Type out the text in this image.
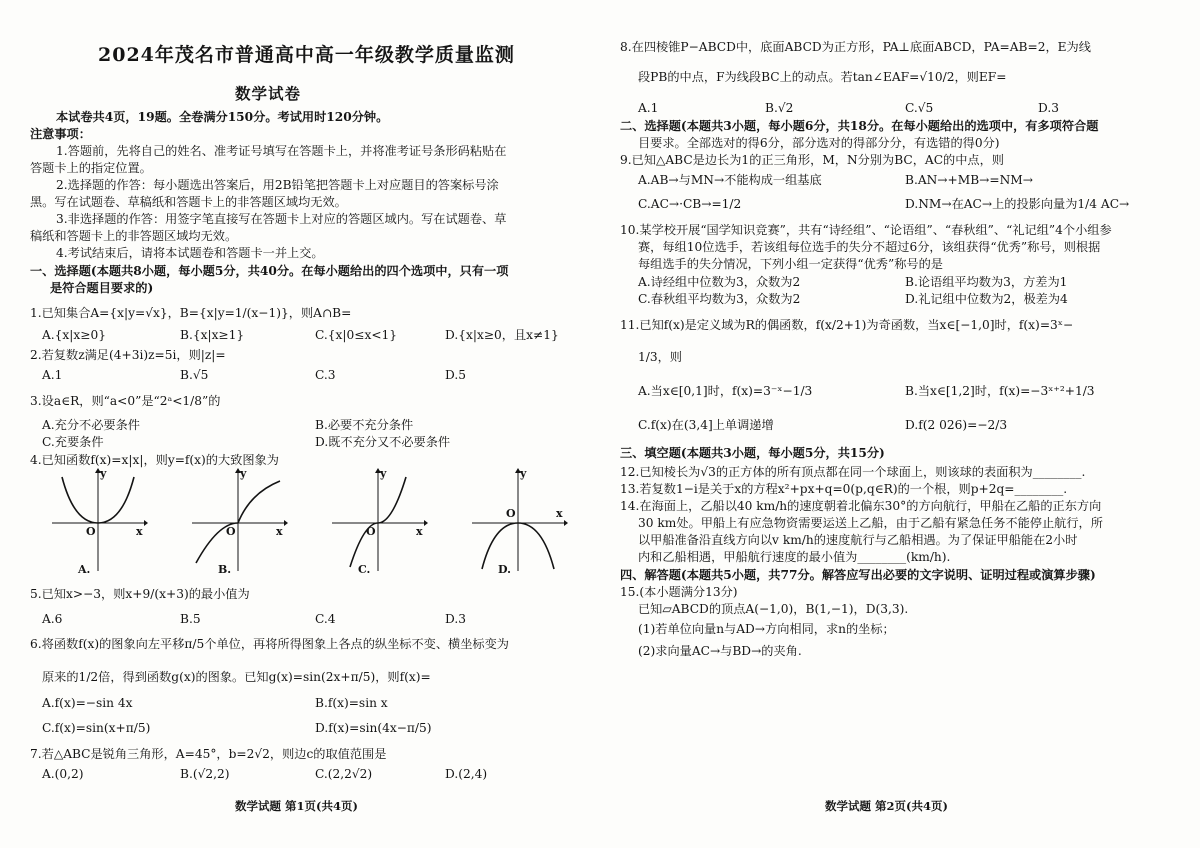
2024年茂名市普通高中高一年级教学质量监测
数学试卷
本试卷共4页，19题。全卷满分150分。考试用时120分钟。
注意事项：
1.答题前，先将自己的姓名、准考证号填写在答题卡上，并将准考证号条形码粘贴在
答题卡上的指定位置。
2.选择题的作答：每小题选出答案后，用2B铅笔把答题卡上对应题目的答案标号涂
黑。写在试题卷、草稿纸和答题卡上的非答题区域均无效。
3.非选择题的作答：用签字笔直接写在答题卡上对应的答题区域内。写在试题卷、草
稿纸和答题卡上的非答题区域均无效。
4.考试结束后，请将本试题卷和答题卡一并上交。
一、选择题(本题共8小题，每小题5分，共40分。在每小题给出的四个选项中，只有一项
是符合题目要求的)
1.已知集合A={x|y=√x}，B={x|y=1/(x−1)}，则A∩B=
A.{x|x≥0}	B.{x|x≥1}	C.{x|0≤x<1}	D.{x|x≥0，且x≠1}
2.若复数z满足(4+3i)z=5i，则|z|=
A.1	B.√5	C.3	D.5
3.设a∈R，则“a<0”是“2ᵃ<1/8”的
A.充分不必要条件	B.必要不充分条件
C.充要条件	D.既不充分又不必要条件
4.已知函数f(x)=x|x|，则y=f(x)的大致图象为
y
x
O
A.
y
x
O
B.
y
x
O
C.
y
x
O
D.
5.已知x>−3，则x+9/(x+3)的最小值为
A.6	B.5	C.4	D.3
6.将函数f(x)的图象向左平移π/5个单位，再将所得图象上各点的纵坐标不变、横坐标变为
原来的1/2倍，得到函数g(x)的图象。已知g(x)=sin(2x+π/5)，则f(x)=
A.f(x)=−sin 4x	B.f(x)=sin x
C.f(x)=sin(x+π/5)	D.f(x)=sin(4x−π/5)
7.若△ABC是锐角三角形，A=45°，b=2√2，则边c的取值范围是
A.(0,2)	B.(√2,2)	C.(2,2√2)	D.(2,4)
数学试题 第1页(共4页)
8.在四棱锥P−ABCD中，底面ABCD为正方形，PA⊥底面ABCD，PA=AB=2，E为线
段PB的中点，F为线段BC上的动点。若tan∠EAF=√10/2，则EF=
A.1	B.√2	C.√5	D.3
二、选择题(本题共3小题，每小题6分，共18分。在每小题给出的选项中，有多项符合题
目要求。全部选对的得6分，部分选对的得部分分，有选错的得0分)
9.已知△ABC是边长为1的正三角形，M，N分别为BC，AC的中点，则
A.AB→与MN→不能构成一组基底	B.AN→+MB→=NM→
C.AC→·CB→=1/2	D.NM→在AC→上的投影向量为1/4 AC→
10.某学校开展“国学知识竞赛”，共有“诗经组”、“论语组”、“春秋组”、“礼记组”4个小组参
赛，每组10位选手，若该组每位选手的失分不超过6分，该组获得“优秀”称号，则根据
每组选手的失分情况，下列小组一定获得“优秀”称号的是
A.诗经组中位数为3，众数为2	B.论语组平均数为3，方差为1
C.春秋组平均数为3，众数为2	D.礼记组中位数为2，极差为4
11.已知f(x)是定义域为R的偶函数，f(x/2+1)为奇函数，当x∈[−1,0]时，f(x)=3ˣ−
1/3，则
A.当x∈[0,1]时，f(x)=3⁻ˣ−1/3	B.当x∈[1,2]时，f(x)=−3ˣ⁺²+1/3
C.f(x)在(3,4]上单调递增	D.f(2 026)=−2/3
三、填空题(本题共3小题，每小题5分，共15分)
12.已知棱长为√3的正方体的所有顶点都在同一个球面上，则该球的表面积为________.
13.若复数1−i是关于x的方程x²+px+q=0(p,q∈R)的一个根，则p+2q=________.
14.在海面上，乙船以40 km/h的速度朝着北偏东30°的方向航行，甲船在乙船的正东方向
30 km处。甲船上有应急物资需要运送上乙船，由于乙船有紧急任务不能停止航行，所
以甲船准备沿直线方向以v km/h的速度航行与乙船相遇。为了保证甲船能在2小时
内和乙船相遇，甲船航行速度的最小值为________(km/h).
四、解答题(本题共5小题，共77分。解答应写出必要的文字说明、证明过程或演算步骤)
15.(本小题满分13分)
已知▱ABCD的顶点A(−1,0)，B(1,−1)，D(3,3).
(1)若单位向量n与AD→方向相同，求n的坐标；
(2)求向量AC→与BD→的夹角.
数学试题 第2页(共4页)
